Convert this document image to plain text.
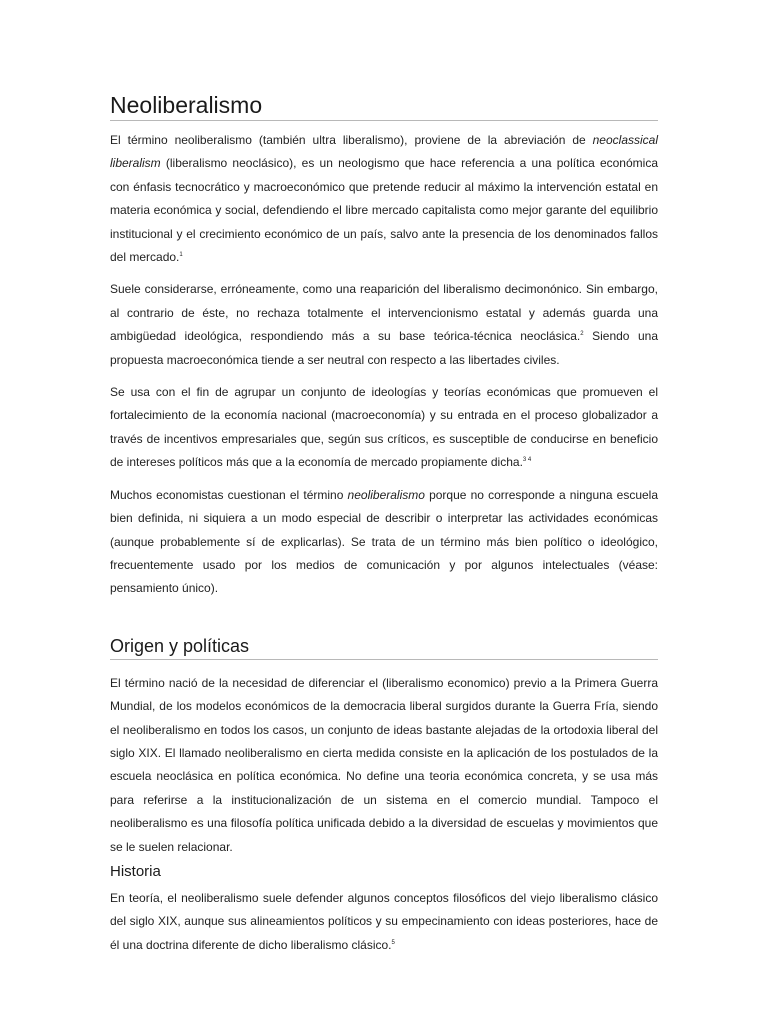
Neoliberalismo

El término neoliberalismo (también ultra liberalismo), proviene de la abreviación de neoclassical liberalism (liberalismo neoclásico), es un neologismo que hace referencia a una política económica con énfasis tecnocrático y macroeconómico que pretende reducir al máximo la intervención estatal en materia económica y social, defendiendo el libre mercado capitalista como mejor garante del equilibrio institucional y el crecimiento económico de un país, salvo ante la presencia de los denominados fallos del mercado.$^1$

Suele considerarse, erróneamente, como una reaparición del liberalismo decimonónico. Sin embargo, al contrario de éste, no rechaza totalmente el intervencionismo estatal y además guarda una ambigüedad ideológica, respondiendo más a su base teórica-técnica neoclásica.$^2$ Siendo una propuesta macroeconómica tiende a ser neutral con respecto a las libertades civiles.

Se usa con el fin de agrupar un conjunto de ideologías y teorías económicas que promueven el fortalecimiento de la economía nacional (macroeconomía) y su entrada en el proceso globalizador a través de incentivos empresariales que, según sus críticos, es susceptible de conducirse en beneficio de intereses políticos más que a la economía de mercado propiamente dicha.$^{3 4}$

Muchos economistas cuestionan el término neoliberalismo porque no corresponde a ninguna escuela bien definida, ni siquiera a un modo especial de describir o interpretar las actividades económicas (aunque probablemente sí de explicarlas). Se trata de un término más bien político o ideológico, frecuentemente usado por los medios de comunicación y por algunos intelectuales (véase: pensamiento único).

Origen y políticas

El término nació de la necesidad de diferenciar el (liberalismo economico) previo a la Primera Guerra Mundial, de los modelos económicos de la democracia liberal surgidos durante la Guerra Fría, siendo el neoliberalismo en todos los casos, un conjunto de ideas bastante alejadas de la ortodoxia liberal del siglo XIX. El llamado neoliberalismo en cierta medida consiste en la aplicación de los postulados de la escuela neoclásica en política económica. No define una teoria económica concreta, y se usa más para referirse a la institucionalización de un sistema en el comercio mundial. Tampoco el neoliberalismo es una filosofía política unificada debido a la diversidad de escuelas y movimientos que se le suelen relacionar.

Historia

En teoría, el neoliberalismo suele defender algunos conceptos filosóficos del viejo liberalismo clásico del siglo XIX, aunque sus alineamientos políticos y su empecinamiento con ideas posteriores, hace de él una doctrina diferente de dicho liberalismo clásico.$^5$
